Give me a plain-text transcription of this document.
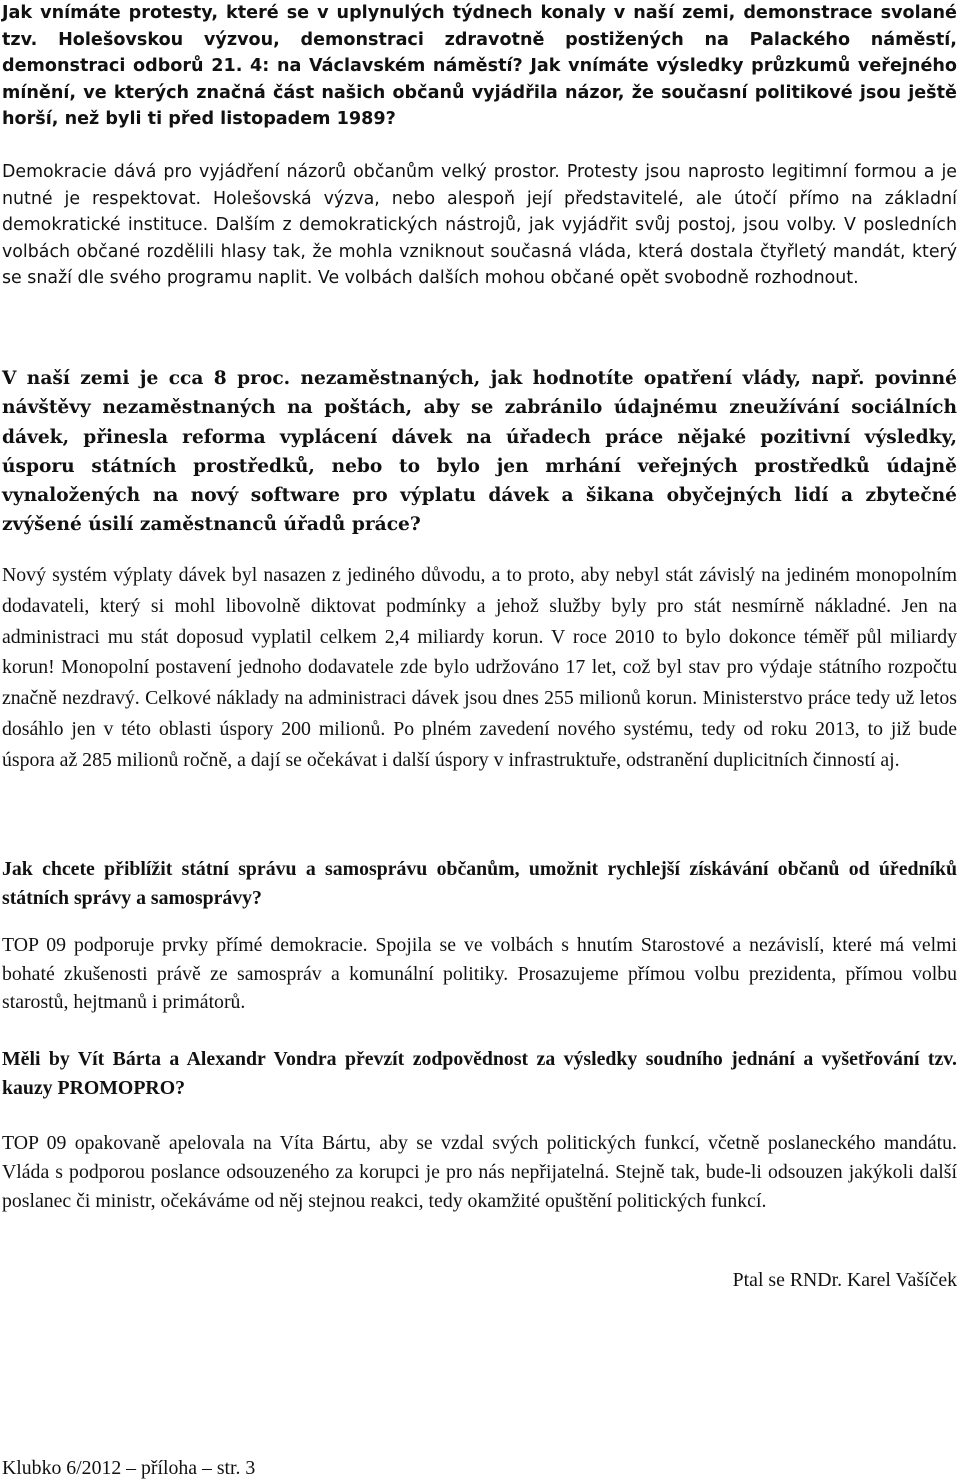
Jak vnímáte protesty, které se v uplynulých týdnech konaly v naší zemi, demonstrace svolané tzv. Holešovskou výzvou, demonstraci zdravotně postižených na Palackého náměstí, demonstraci odborů 21. 4: na Václavském náměstí? Jak vnímáte výsledky průzkumů veřejného mínění, ve kterých značná část našich občanů vyjádřila názor, že současní politikové jsou ještě horší, než byli ti před listopadem 1989?

Demokracie dává pro vyjádření názorů občanům velký prostor. Protesty jsou naprosto legitimní formou a je nutné je respektovat. Holešovská výzva, nebo alespoň její představitelé, ale útočí přímo na základní demokratické instituce. Dalším z demokratických nástrojů, jak vyjádřit svůj postoj, jsou volby. V posledních volbách občané rozdělili hlasy tak, že mohla vzniknout současná vláda, která dostala čtyřletý mandát, který se snaží dle svého programu naplit. Ve volbách dalších mohou občané opět svobodně rozhodnout.

V naší zemi je cca 8 proc. nezaměstnaných, jak hodnotíte opatření vlády, např. povinné návštěvy nezaměstnaných na poštách, aby se zabránilo údajnému zneužívání sociálních dávek, přinesla reforma vyplácení dávek na úřadech práce nějaké pozitivní výsledky, úsporu státních prostředků, nebo to bylo jen mrhání veřejných prostředků údajně vynaložených na nový software pro výplatu dávek a šikana obyčejných lidí a zbytečné zvýšené úsilí zaměstnanců úřadů práce?

Nový systém výplaty dávek byl nasazen z jediného důvodu, a to proto, aby nebyl stát závislý na jediném monopolním dodavateli, který si mohl libovolně diktovat podmínky a jehož služby byly pro stát nesmírně nákladné. Jen na administraci mu stát doposud vyplatil celkem 2,4 miliardy korun. V roce 2010 to bylo dokonce téměř půl miliardy korun! Monopolní postavení jednoho dodavatele zde bylo udržováno 17 let, což byl stav pro výdaje státního rozpočtu značně nezdravý. Celkové náklady na administraci dávek jsou dnes 255 milionů korun. Ministerstvo práce tedy už letos dosáhlo jen v této oblasti úspory 200 milionů. Po plném zavedení nového systému, tedy od roku 2013, to již bude úspora až 285 milionů ročně, a dají se očekávat i další úspory v infrastruktuře, odstranění duplicitních činností aj.

Jak chcete přiblížit státní správu a samosprávu občanům, umožnit rychlejší získávání občanů od úředníků státních správy a samosprávy?

TOP 09 podporuje prvky přímé demokracie. Spojila se ve volbách s hnutím Starostové a nezávislí, které má velmi bohaté zkušenosti právě ze samospráv a komunální politiky. Prosazujeme přímou volbu prezidenta, přímou volbu starostů, hejtmanů i primátorů.

Měli by Vít Bárta a Alexandr Vondra převzít zodpovědnost za výsledky soudního jednání a vyšetřování tzv. kauzy PROMOPRO?

TOP 09 opakovaně apelovala na Víta Bártu, aby se vzdal svých politických funkcí, včetně poslaneckého mandátu. Vláda s podporou poslance odsouzeného za korupci je pro nás nepřijatelná. Stejně tak, bude-li odsouzen jakýkoli další poslanec či ministr, očekáváme od něj stejnou reakci, tedy okamžité opuštění politických funkcí.

Ptal se RNDr. Karel Vašíček
Klubko 6/2012 – příloha – str. 3
